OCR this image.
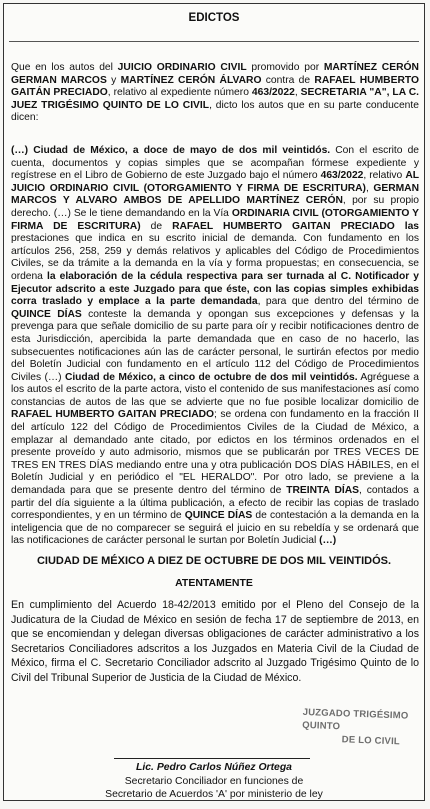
EDICTOS

Que en los autos del JUICIO ORDINARIO CIVIL promovido por MARTÍNEZ CERÓN GERMAN MARCOS y MARTÍNEZ CERÓN ÁLVARO contra de RAFAEL HUMBERTO GAITÁN PRECIADO, relativo al expediente número 463/2022, SECRETARIA "A", LA C. JUEZ TRIGÉSIMO QUINTO DE LO CIVIL, dicto los autos que en su parte conducente dicen:

(…) Ciudad de México, a doce de mayo de dos mil veintidós. Con el escrito de cuenta, documentos y copias simples que se acompañan fórmese expediente y regístrese en el Libro de Gobierno de este Juzgado bajo el número 463/2022, relativo AL JUICIO ORDINARIO CIVIL (OTORGAMIENTO Y FIRMA DE ESCRITURA), GERMAN MARCOS Y ALVARO AMBOS DE APELLIDO MARTÍNEZ CERÓN, por su propio derecho. (…) Se le tiene demandando en la Vía ORDINARIA CIVIL (OTORGAMIENTO Y FIRMA DE ESCRITURA) de RAFAEL HUMBERTO GAITAN PRECIADO las prestaciones que indica en su escrito inicial de demanda. Con fundamento en los artículos 256, 258, 259 y demás relativos y aplicables del Código de Procedimientos Civiles, se da trámite a la demanda en la vía y forma propuestas; en consecuencia, se ordena la elaboración de la cédula respectiva para ser turnada al C. Notificador y Ejecutor adscrito a este Juzgado para que éste, con las copias simples exhibidas corra traslado y emplace a la parte demandada, para que dentro del término de QUINCE DÍAS conteste la demanda y opongan sus excepciones y defensas y la prevenga para que señale domicilio de su parte para oír y recibir notificaciones dentro de esta Jurisdicción, apercibida la parte demandada que en caso de no hacerlo, las subsecuentes notificaciones aún las de carácter personal, le surtirán efectos por medio del Boletín Judicial con fundamento en el artículo 112 del Código de Procedimientos Civiles (…) Ciudad de México, a cinco de octubre de dos mil veintidós. Agréguese a los autos el escrito de la parte actora, visto el contenido de sus manifestaciones así como constancias de autos de las que se advierte que no fue posible localizar domicilio de RAFAEL HUMBERTO GAITAN PRECIADO; se ordena con fundamento en la fracción II del artículo 122 del Código de Procedimientos Civiles de la Ciudad de México, a emplazar al demandado ante citado, por edictos en los términos ordenados en el presente proveído y auto admisorio, mismos que se publicarán por TRES VECES DE TRES EN TRES DÍAS mediando entre una y otra publicación DOS DÍAS HÁBILES, en el Boletín Judicial y en periódico el "EL HERALDO". Por otro lado, se previene a la demandada para que se presente dentro del término de TREINTA DÍAS, contados a partir del día siguiente a la última publicación, a efecto de recibir las copias de traslado correspondientes, y en un término de QUINCE DÍAS de contestación a la demanda en la inteligencia que de no comparecer se seguirá el juicio en su rebeldía y se ordenará que las notificaciones de carácter personal le surtan por Boletín Judicial (…)

CIUDAD DE MÉXICO A DIEZ DE OCTUBRE DE DOS MIL VEINTIDÓS.
ATENTAMENTE

En cumplimiento del Acuerdo 18-42/2013 emitido por el Pleno del Consejo de la Judicatura de la Ciudad de México en sesión de fecha 17 de septiembre de 2013, en que se encomiendan y delegan diversas obligaciones de carácter administrativo a los Secretarios Conciliadores adscritos a los Juzgados en Materia Civil de la Ciudad de México, firma el C. Secretario Conciliador adscrito al Juzgado Trigésimo Quinto de lo Civil del Tribunal Superior de Justicia de la Ciudad de México.

JUZGADO TRIGÉSIMO QUINTO
DE LO CIVIL
Lic. Pedro Carlos Núñez Ortega
Secretario Conciliador en funciones de
Secretario de Acuerdos 'A' por ministerio de ley
